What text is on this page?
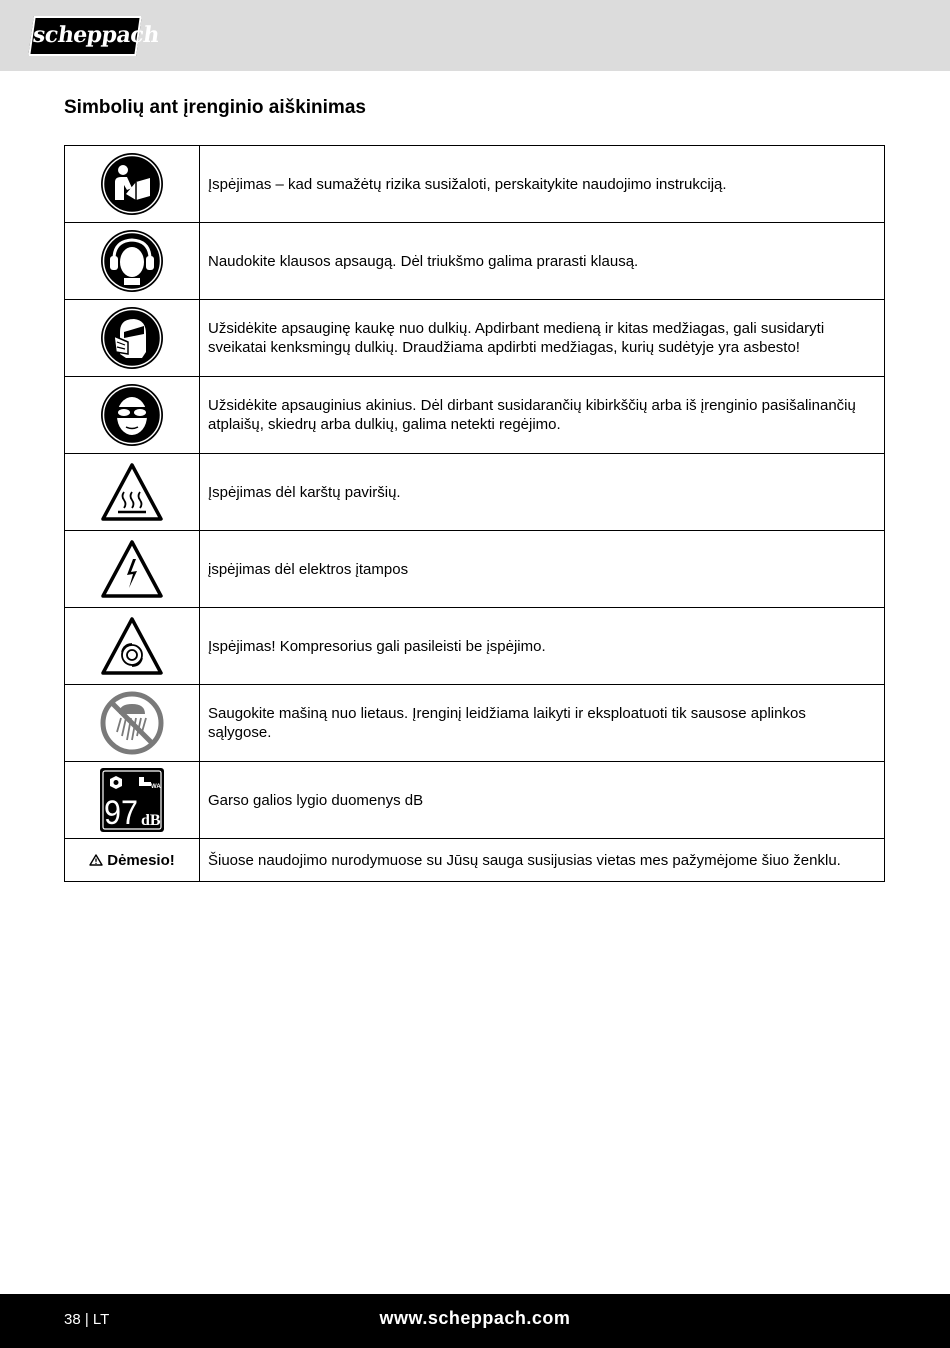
scheppach
Simbolių ant įrenginio aiškinimas
	Įspėjimas – kad sumažėtų rizika susižaloti, perskaitykite naudojimo instrukciją.

	Naudokite klausos apsaugą. Dėl triukšmo galima prarasti klausą.

	Užsidėkite apsauginę kaukę nuo dulkių. Apdirbant medieną ir kitas medžiagas, gali susidaryti sveikatai kenksmingų dulkių. Draudžiama apdirbti medžiagas, kurių sudėtyje yra asbesto!

	Užsidėkite apsauginius akinius. Dėl dirbant susidarančių kibirkščių arba iš įrenginio pasišalinančių atplaišų, skiedrų arba dulkių, galima netekti regėjimo.

	Įspėjimas dėl karštų paviršių.

	įspėjimas dėl elektros įtampos

	Įspėjimas! Kompresorius gali pasileisti be įspėjimo.

	Saugokite mašiną nuo lietaus. Įrenginį leidžiama laikyti ir eksploatuoti tik sausose aplinkos sąlygose.

WA
97 dB	Garso galios lygio duomenys dB
Dėmesio!	Šiuose naudojimo nurodymuose su Jūsų sauga susijusias vietas mes pažymėjome šiuo ženklu.
38 | LT	www.scheppach.com
